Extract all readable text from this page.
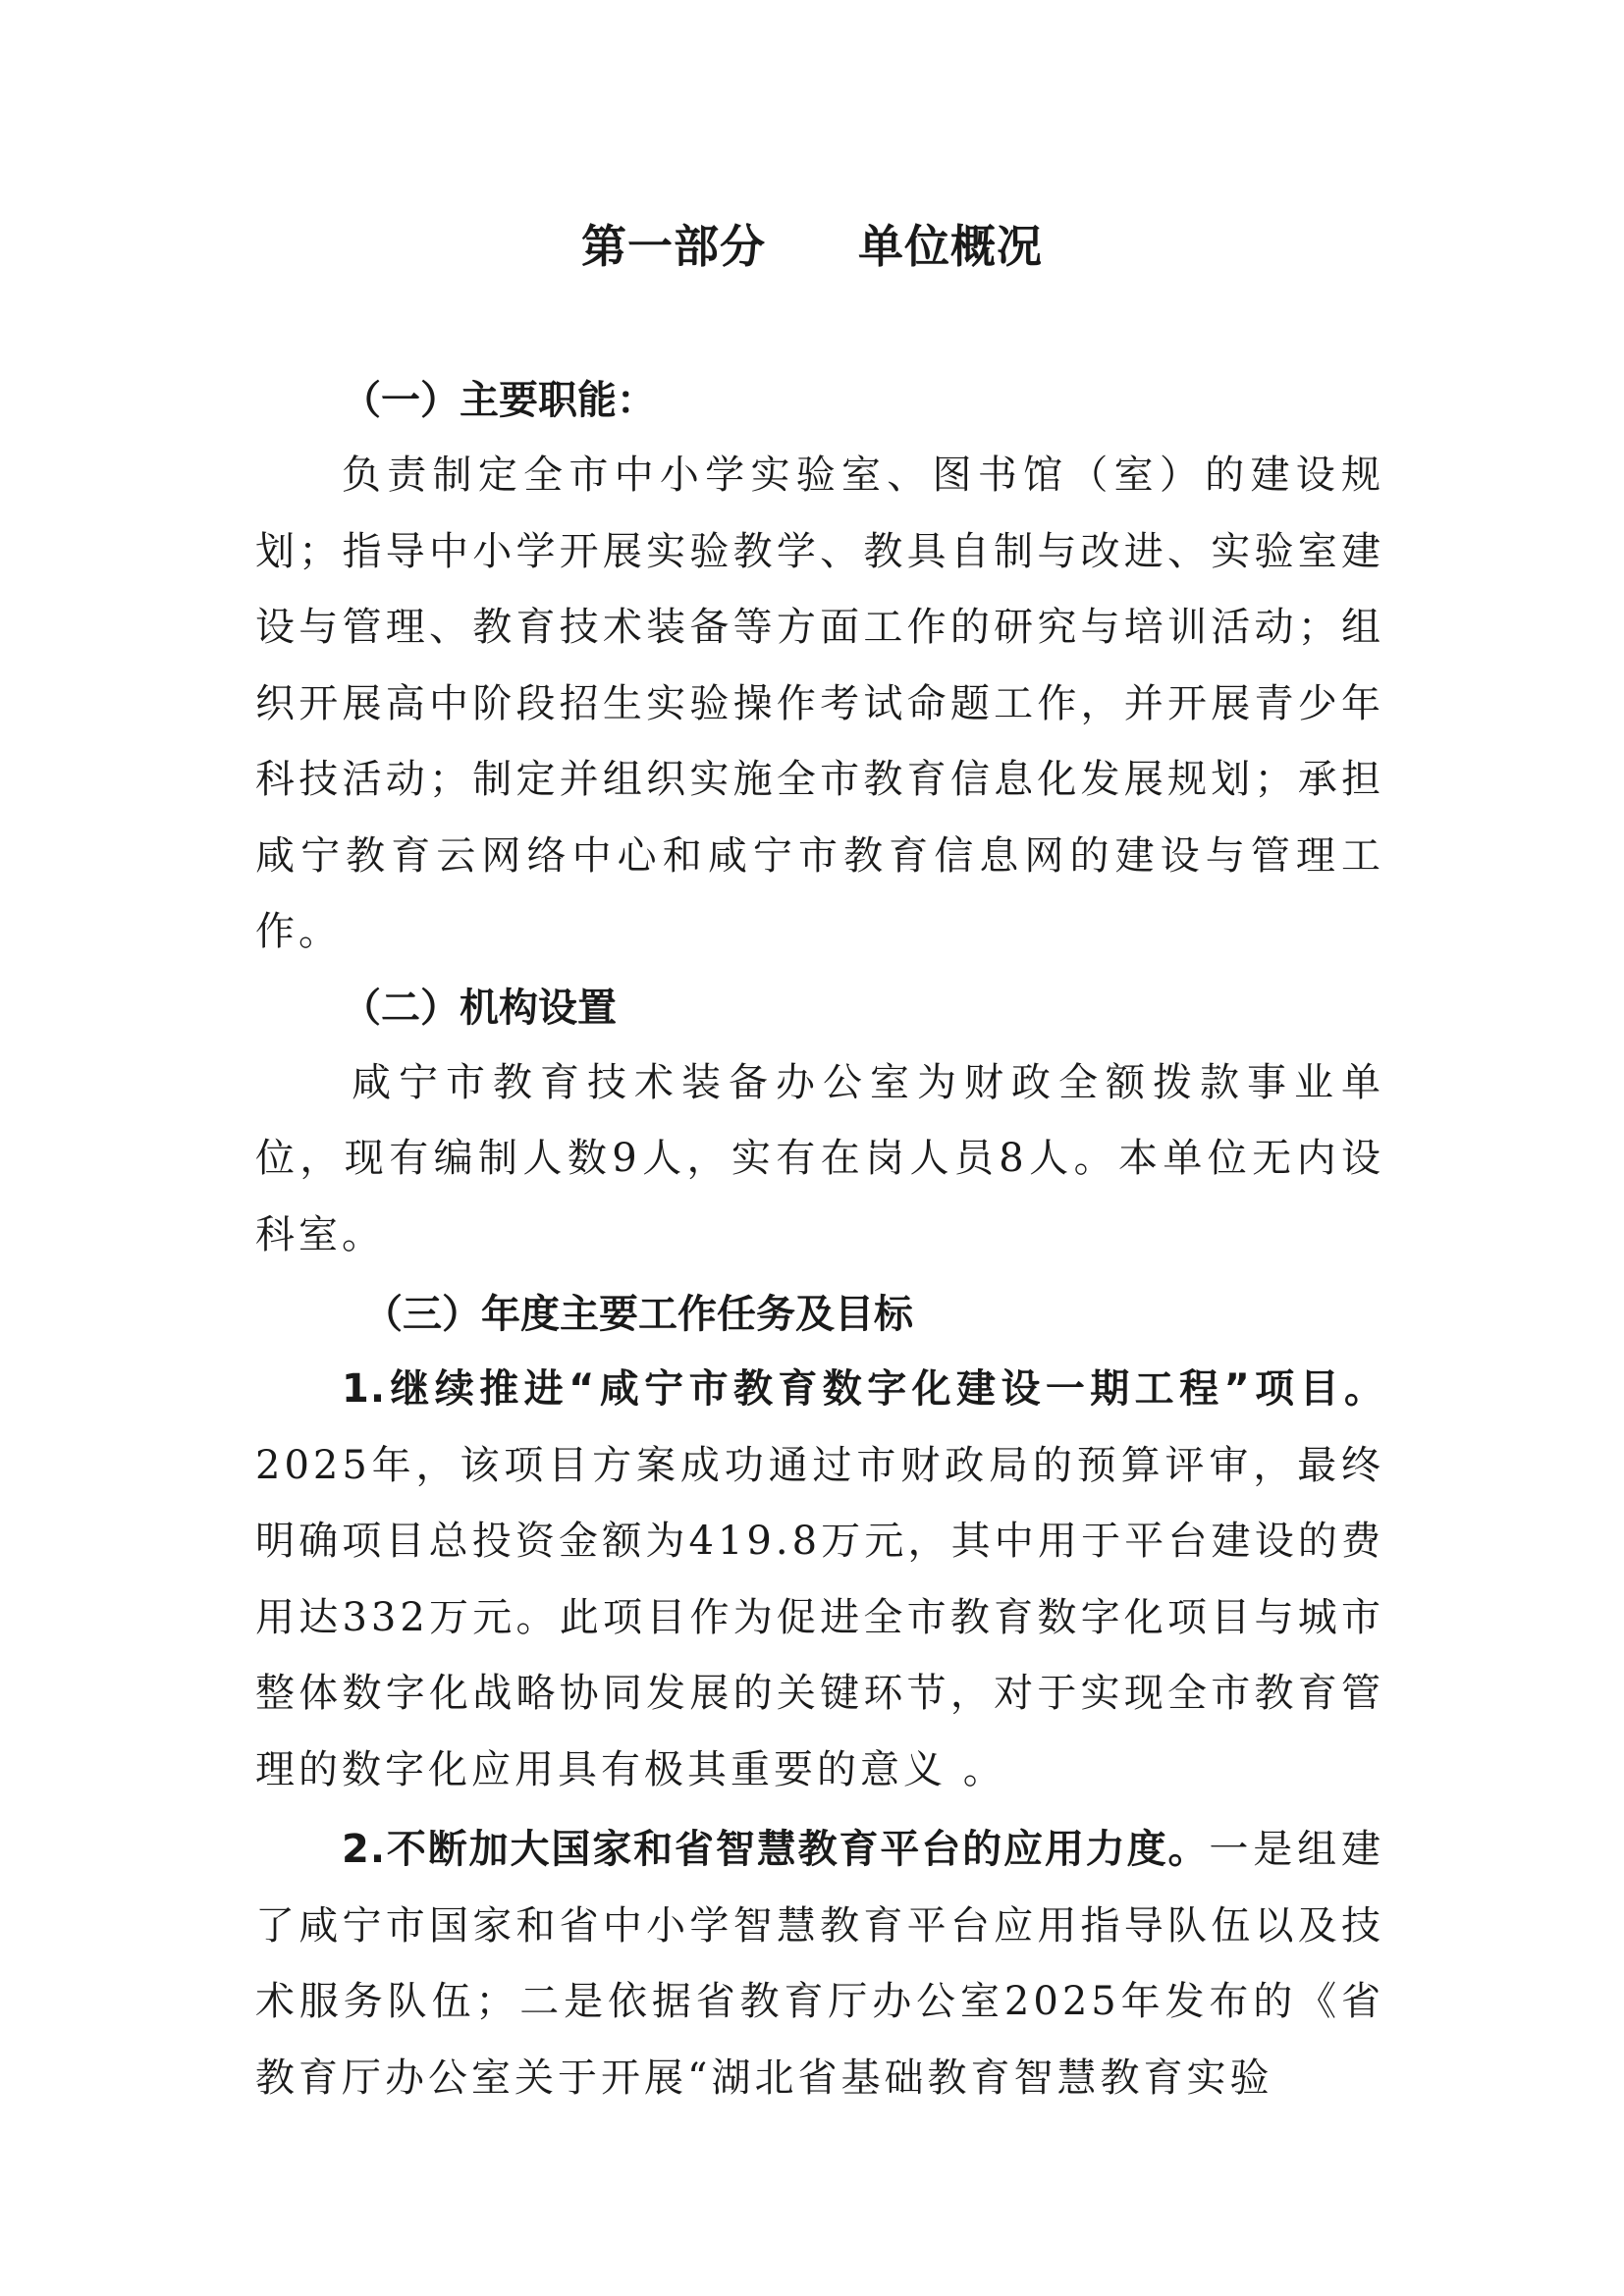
第一部分　　单位概况
（一）主要职能：

负责制定全市中小学实验室、图书馆（室）的建设规划；指导中小学开展实验教学、教具自制与改进、实验室建设与管理、教育技术装备等方面工作的研究与培训活动；组织开展高中阶段招生实验操作考试命题工作，并开展青少年科技活动；制定并组织实施全市教育信息化发展规划；承担咸宁教育云网络中心和咸宁市教育信息网的建设与管理工作。

（二）机构设置

咸宁市教育技术装备办公室为财政全额拨款事业单位，现有编制人数9人，实有在岗人员8人。本单位无内设科室。

（三）年度主要工作任务及目标

1.继续推进“咸宁市教育数字化建设一期工程”项目。2025年，该项目方案成功通过市财政局的预算评审，最终明确项目总投资金额为419.8万元，其中用于平台建设的费用达332万元。此项目作为促进全市教育数字化项目与城市整体数字化战略协同发展的关键环节，对于实现全市教育管理的数字化应用具有极其重要的意义 。

2.不断加大国家和省智慧教育平台的应用力度。一是组建了咸宁市国家和省中小学智慧教育平台应用指导队伍以及技术服务队伍；二是依据省教育厅办公室2025年发布的《省教育厅办公室关于开展“湖北省基础教育智慧教育实验
